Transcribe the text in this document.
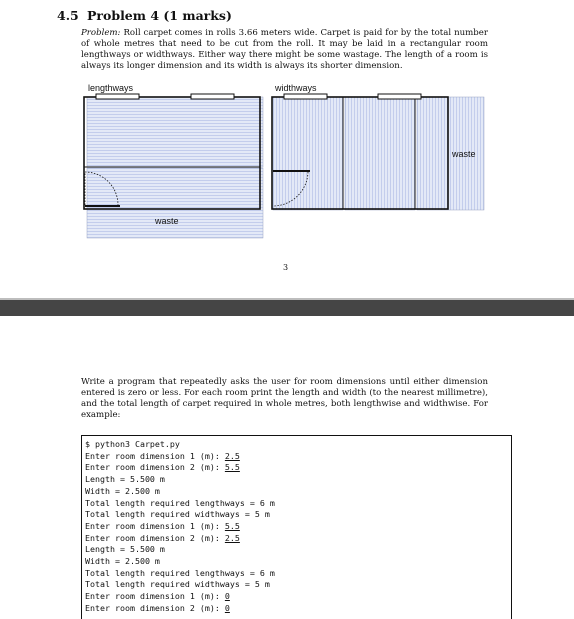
4.5 Problem 4 (1 marks)
Problem: Roll carpet comes in rolls 3.66 meters wide. Carpet is paid for by the total number of whole metres that need to be cut from the roll. It may be laid in a rectangular room lengthways or widthways. Either way there might be some wastage. The length of a room is always its longer dimension and its width is always its shorter dimension.
lengthways
waste
widthways
waste
3
Write a program that repeatedly asks the user for room dimensions until either dimension entered is zero or less. For each room print the length and width (to the nearest millimetre), and the total length of carpet required in whole metres, both lengthwise and widthwise. For example:
$ python3 Carpet.py
Enter room dimension 1 (m): 2.5
Enter room dimension 2 (m): 5.5
Length = 5.500 m
Width = 2.500 m
Total length required lengthways = 6 m
Total length required widthways = 5 m
Enter room dimension 1 (m): 5.5
Enter room dimension 2 (m): 2.5
Length = 5.500 m
Width = 2.500 m
Total length required lengthways = 6 m
Total length required widthways = 5 m
Enter room dimension 1 (m): 0
Enter room dimension 2 (m): 0
